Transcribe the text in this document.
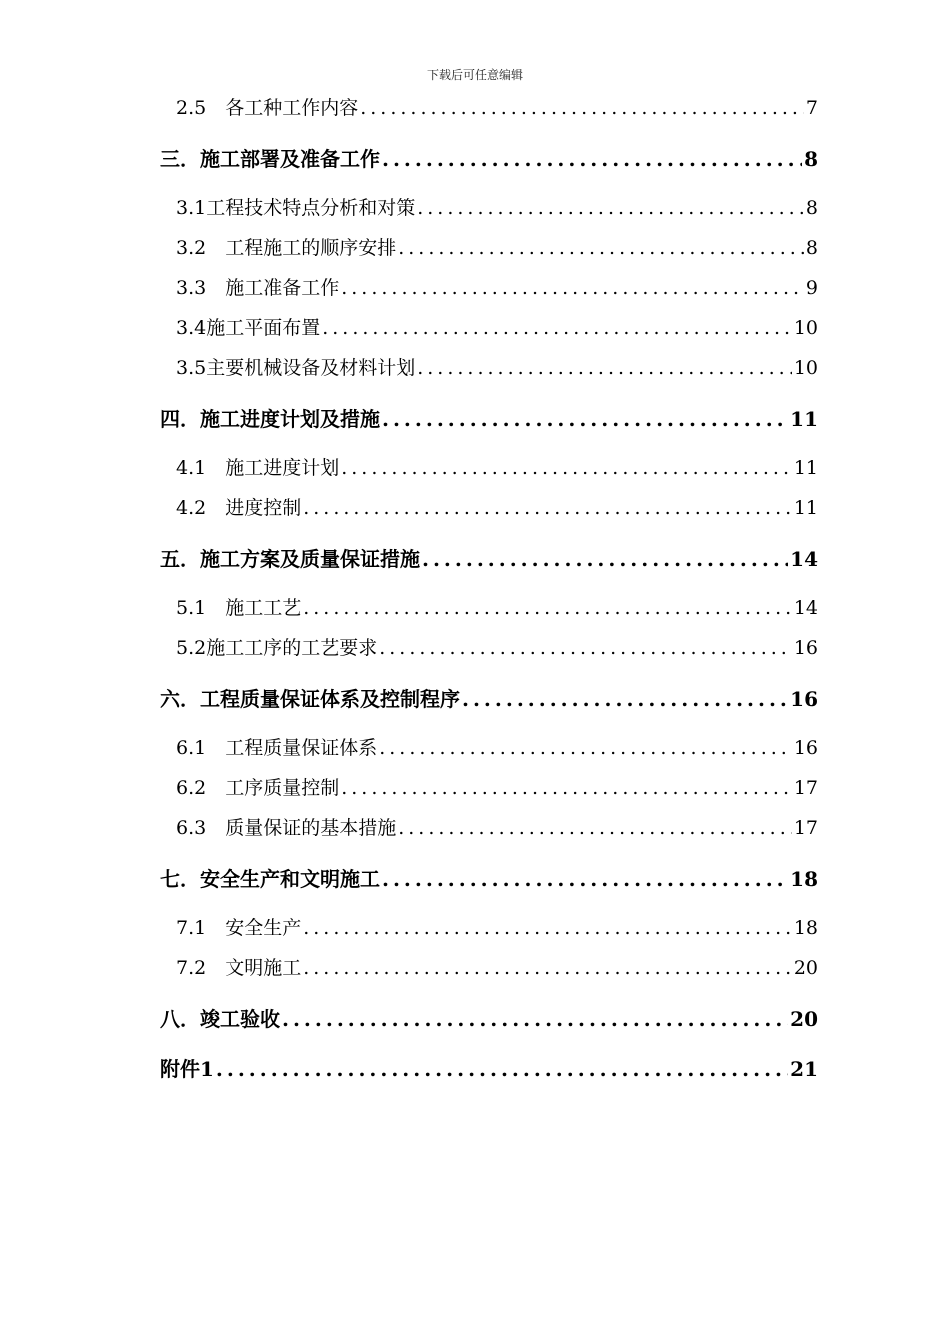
下载后可任意编辑
2.5　各工种工作内容 .....	7
三．施工部署及准备工作 .....	8
3.1工程技术特点分析和对策 .....	8
3.2　工程施工的顺序安排 .....	8
3.3　施工准备工作 .....	9
3.4施工平面布置 .....	10
3.5主要机械设备及材料计划 .....	10
四．施工进度计划及措施 .....	11
4.1　施工进度计划 .....	11
4.2　进度控制 .....	11
五．施工方案及质量保证措施 .....	14
5.1　施工工艺 .....	14
5.2施工工序的工艺要求 .....	16
六．工程质量保证体系及控制程序 .....	16
6.1　工程质量保证体系 .....	16
6.2　工序质量控制 .....	17
6.3　质量保证的基本措施 .....	17
七．安全生产和文明施工 .....	18
7.1　安全生产 .....	18
7.2　文明施工 .....	20
八．竣工验收 .....	20
附件1 .....	21
